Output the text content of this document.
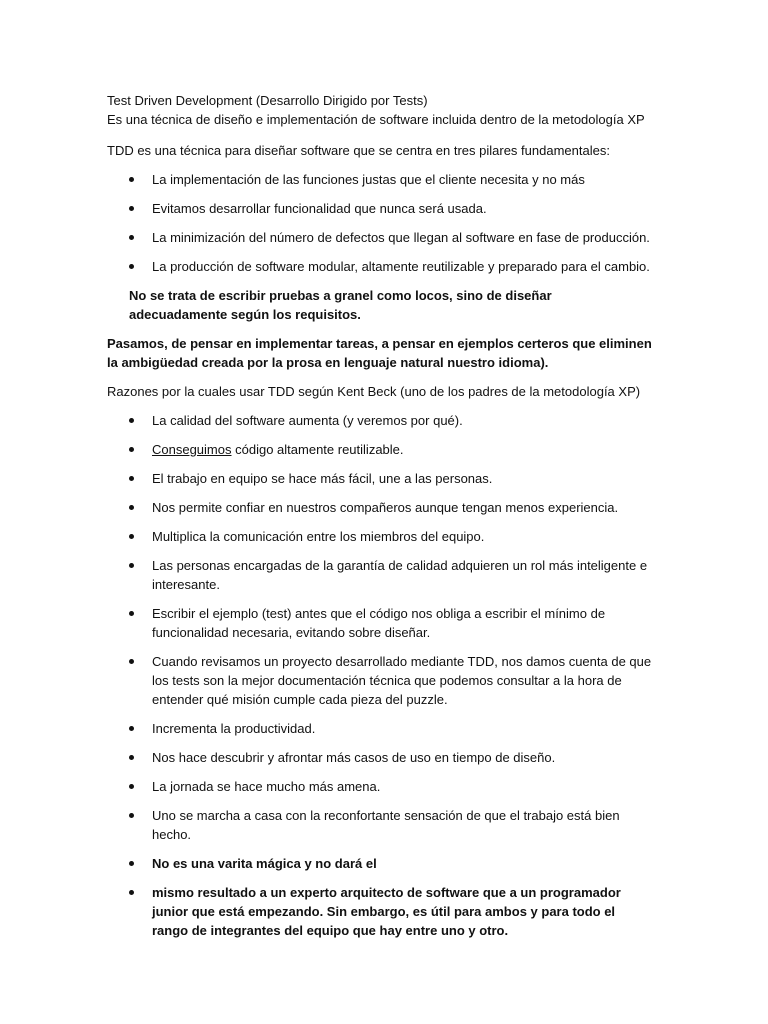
Test Driven Development (Desarrollo Dirigido por Tests)

Es una técnica de diseño e implementación de software incluida dentro de la metodología XP

TDD es una técnica para diseñar software que se centra en tres pilares fundamentales:

La implementación de las funciones justas que el cliente necesita y no más
Evitamos desarrollar funcionalidad que nunca será usada.
La minimización del número de defectos que llegan al software en fase de producción.
La producción de software modular, altamente reutilizable y preparado para el cambio.

No se trata de escribir pruebas a granel como locos, sino de diseñar adecuadamente según los requisitos.

Pasamos, de pensar en implementar tareas, a pensar en ejemplos certeros que eliminen la ambigüedad creada por la prosa en lenguaje natural nuestro idioma).

Razones por la cuales usar TDD según Kent Beck (uno de los padres de la metodología XP)

La calidad del software aumenta (y veremos por qué).
Conseguimos código altamente reutilizable.
El trabajo en equipo se hace más fácil, une a las personas.
Nos permite confiar en nuestros compañeros aunque tengan menos experiencia.
Multiplica la comunicación entre los miembros del equipo.
Las personas encargadas de la garantía de calidad adquieren un rol más inteligente e interesante.
Escribir el ejemplo (test) antes que el código nos obliga a escribir el mínimo de funcionalidad necesaria, evitando sobre diseñar.
Cuando revisamos un proyecto desarrollado mediante TDD, nos damos cuenta de que los tests son la mejor documentación técnica que podemos consultar a la hora de entender qué misión cumple cada pieza del puzzle.
Incrementa la productividad.
Nos hace descubrir y afrontar más casos de uso en tiempo de diseño.
La jornada se hace mucho más amena.
Uno se marcha a casa con la reconfortante sensación de que el trabajo está bien hecho.
No es una varita mágica y no dará el
mismo resultado a un experto arquitecto de software que a un programador junior que está empezando. Sin embargo, es útil para ambos y para todo el rango de integrantes del equipo que hay entre uno y otro.
